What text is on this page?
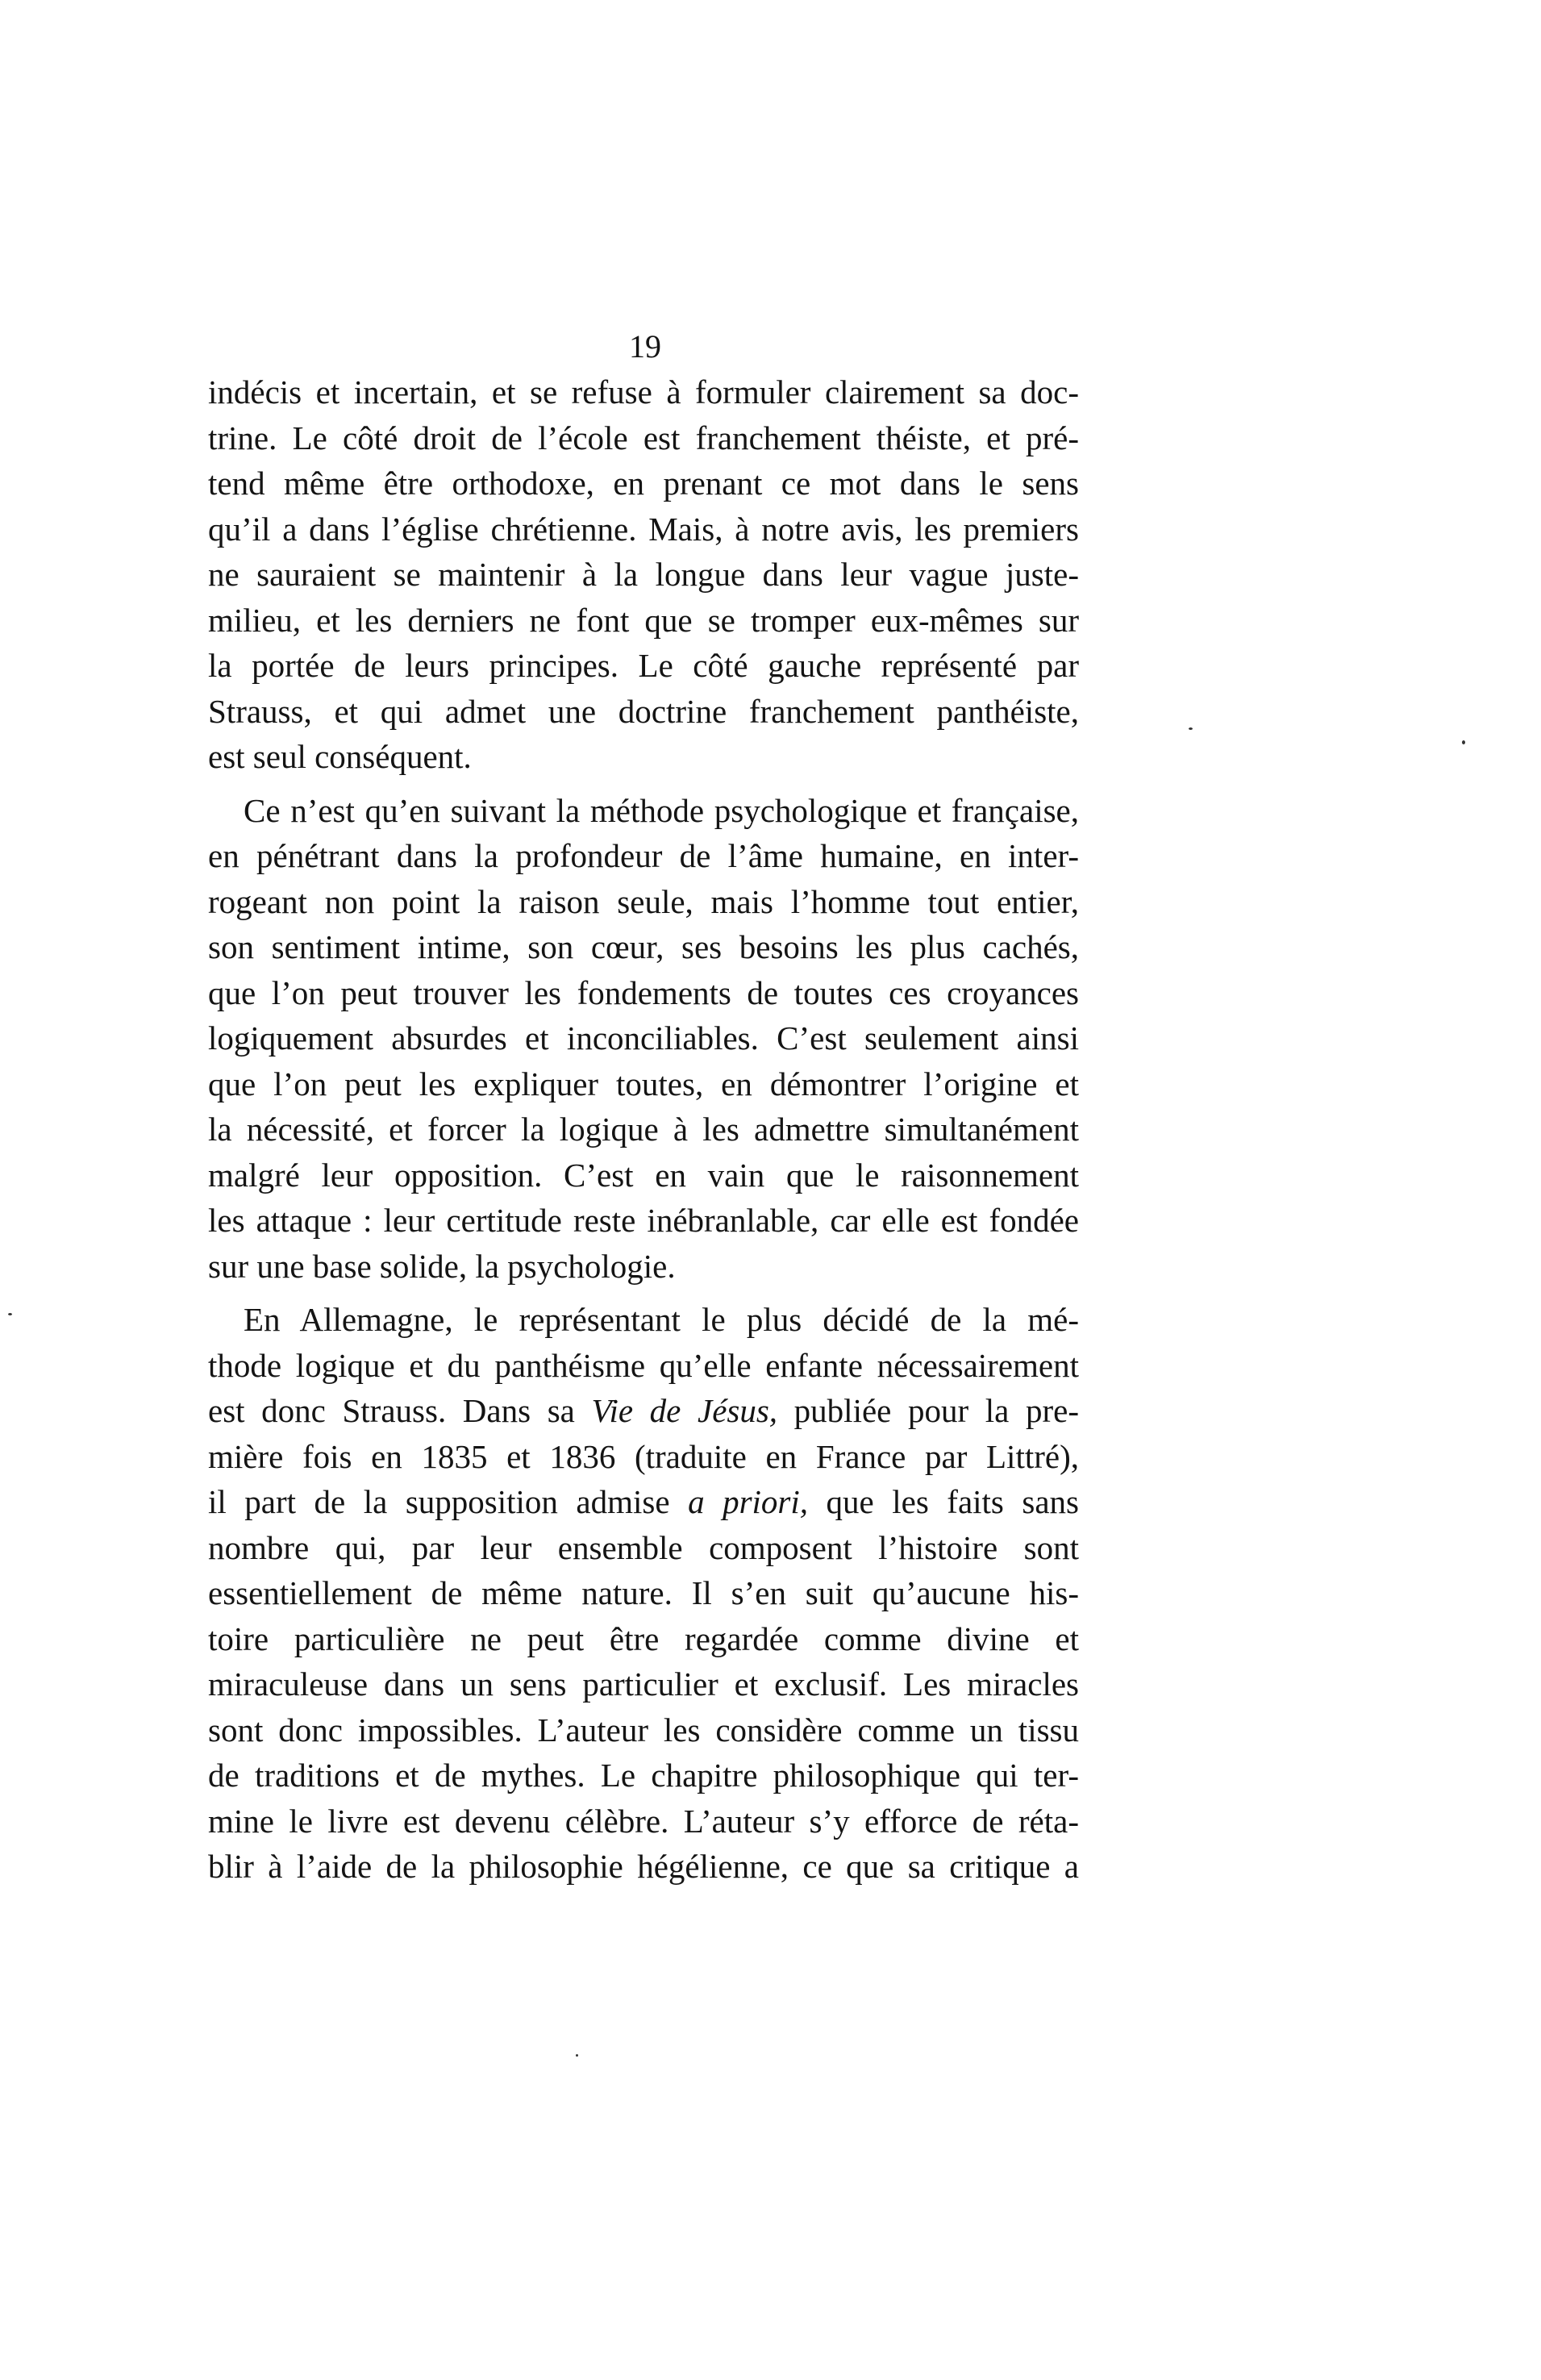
19
indécis et incertain, et se refuse à formuler clairement sa doc-
trine. Le côté droit de l’école est franchement théiste, et pré-
tend même être orthodoxe, en prenant ce mot dans le sens
qu’il a dans l’église chrétienne. Mais, à notre avis, les premiers
ne sauraient se maintenir à la longue dans leur vague juste-
milieu, et les derniers ne font que se tromper eux-mêmes sur
la portée de leurs principes. Le côté gauche représenté par
Strauss, et qui admet une doctrine franchement panthéiste,
est seul conséquent.
Ce n’est qu’en suivant la méthode psychologique et française,
en pénétrant dans la profondeur de l’âme humaine, en inter-
rogeant non point la raison seule, mais l’homme tout entier,
son sentiment intime, son cœur, ses besoins les plus cachés,
que l’on peut trouver les fondements de toutes ces croyances
logiquement absurdes et inconciliables. C’est seulement ainsi
que l’on peut les expliquer toutes, en démontrer l’origine et
la nécessité, et forcer la logique à les admettre simultanément
malgré leur opposition. C’est en vain que le raisonnement
les attaque : leur certitude reste inébranlable, car elle est fondée
sur une base solide, la psychologie.
En Allemagne, le représentant le plus décidé de la mé-
thode logique et du panthéisme qu’elle enfante nécessairement
est donc Strauss. Dans sa Vie de Jésus, publiée pour la pre-
mière fois en 1835 et 1836 (traduite en France par Littré),
il part de la supposition admise a priori, que les faits sans
nombre qui, par leur ensemble composent l’histoire sont
essentiellement de même nature. Il s’en suit qu’aucune his-
toire particulière ne peut être regardée comme divine et
miraculeuse dans un sens particulier et exclusif. Les miracles
sont donc impossibles. L’auteur les considère comme un tissu
de traditions et de mythes. Le chapitre philosophique qui ter-
mine le livre est devenu célèbre. L’auteur s’y efforce de réta-
blir à l’aide de la philosophie hégélienne, ce que sa critique a
